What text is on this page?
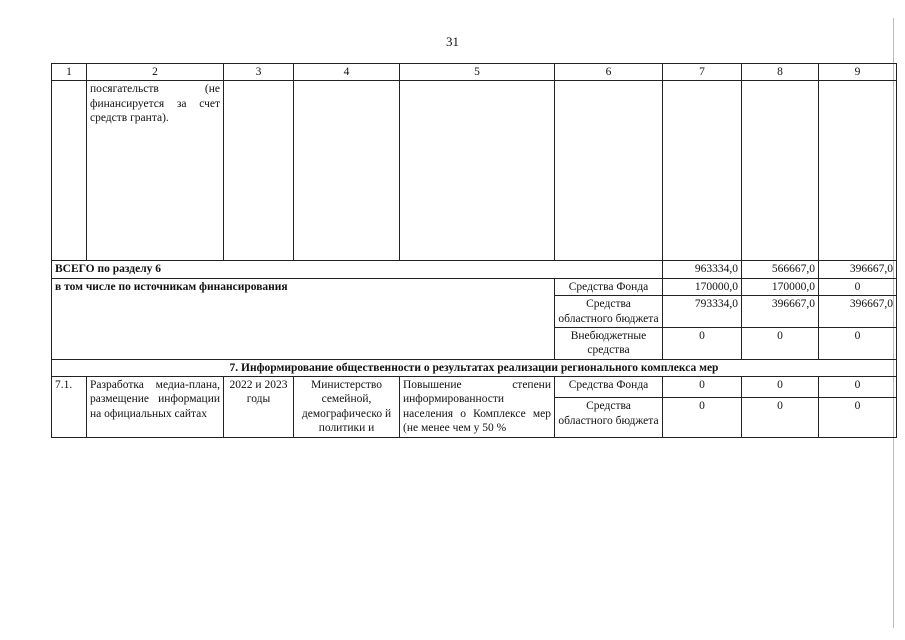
31
1	2	3	4	5	6	7	8	9
	посягательств (не финансируется за счет средств гранта).							
ВСЕГО по разделу 6						963334,0	566667,0	396667,0
в том числе по источникам финансирования					Средства Фонда	170000,0	170000,0	0
					Средства областного бюджета	793334,0	396667,0	396667,0
					Внебюджетные средства	0	0	0
7. Информирование общественности о результатах реализации регионального комплекса мер								
7.1.	Разработка медиа-плана, размещение информации на официальных сайтах	2022 и 2023 годы	Министерство семейной, демографическо й политики и	Повышение степени информированности населения о Комплексе мер (не менее чем у 50 %	Средства Фонда	0	0	0
					Средства областного бюджета	0	0	0
